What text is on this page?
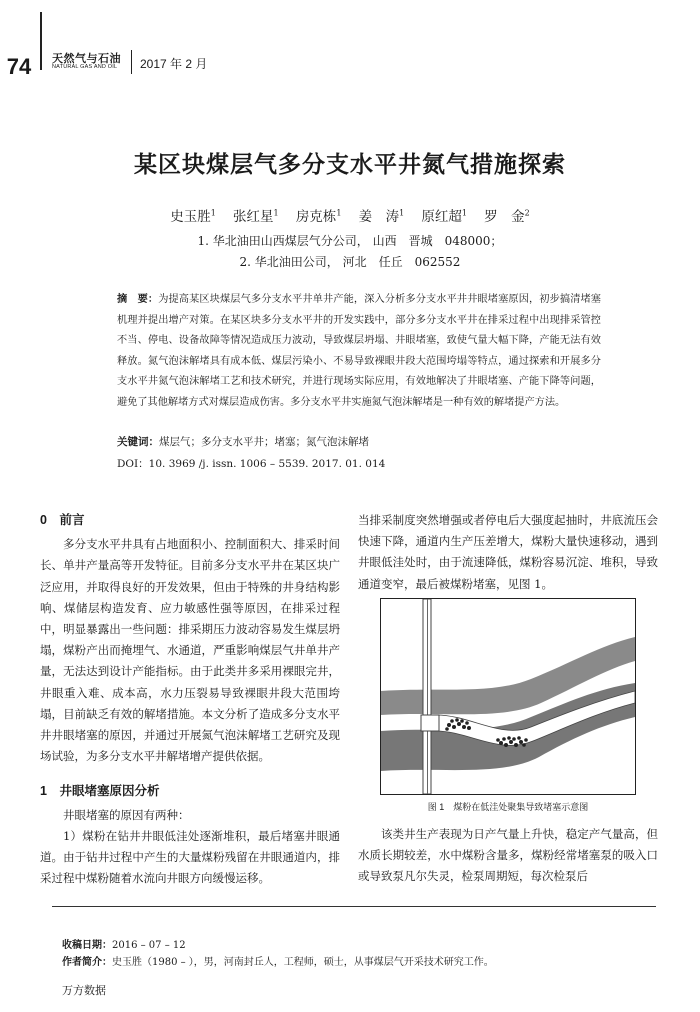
74	天然气与石油
NATURAL GAS AND OIL 2017 年 2 月
某区块煤层气多分支水平井氮气措施探索
史玉胜$^1$ 张红星$^1$ 房克栋$^1$ 姜　涛$^1$ 原红超$^1$ 罗　金$^2$
1. 华北油田山西煤层气分公司， 山西　晋城　048000；
2. 华北油田公司， 河北　任丘　062552
摘　要：为提高某区块煤层气多分支水平井单井产能，深入分析多分支水平井井眼堵塞原因，初步搞清堵塞机理并提出增产对策。在某区块多分支水平井的开发实践中，部分多分支水平井在排采过程中出现排采管控不当、停电、设备故障等情况造成压力波动，导致煤层坍塌、井眼堵塞，致使气量大幅下降，产能无法有效释放。氮气泡沫解堵具有成本低、煤层污染小、不易导致裸眼井段大范围垮塌等特点，通过探索和开展多分支水平井氮气泡沫解堵工艺和技术研究，并进行现场实际应用，有效地解决了井眼堵塞、产能下降等问题，避免了其他解堵方式对煤层造成伤害。多分支水平井实施氮气泡沫解堵是一种有效的解堵提产方法。
关键词：煤层气；多分支水平井；堵塞；氮气泡沫解堵
DOI：10. 3969 /j. issn. 1006 – 5539. 2017. 01. 014
0　前言

多分支水平井具有占地面积小、控制面积大、排采时间长、单井产量高等开发特征。目前多分支水平井在某区块广泛应用，并取得良好的开发效果，但由于特殊的井身结构影响、煤储层构造发育、应力敏感性强等原因，在排采过程中，明显暴露出一些问题：排采期压力波动容易发生煤层坍塌，煤粉产出而掩埋气、水通道，严重影响煤层气井单井产量，无法达到设计产能指标。由于此类井多采用裸眼完井，井眼重入难、成本高，水力压裂易导致裸眼井段大范围垮塌，目前缺乏有效的解堵措施。本文分析了造成多分支水平井井眼堵塞的原因，并通过开展氮气泡沫解堵工艺研究及现场试验，为多分支水平井解堵增产提供依据。

1　井眼堵塞原因分析

井眼堵塞的原因有两种：

1）煤粉在钻井井眼低洼处逐渐堆积，最后堵塞井眼通道。由于钻井过程中产生的大量煤粉残留在井眼通道内，排采过程中煤粉随着水流向井眼方向缓慢运移。

当排采制度突然增强或者停电后大强度起抽时，井底流压会快速下降，通道内生产压差增大，煤粉大量快速移动，遇到井眼低洼处时，由于流速降低，煤粉容易沉淀、堆积，导致通道变窄，最后被煤粉堵塞，见图 1。

图 1　煤粉在低洼处聚集导致堵塞示意图

该类井生产表现为日产气量上升快，稳定产气量高，但水质长期较差，水中煤粉含量多，煤粉经常堵塞泵的吸入口或导致泵凡尔失灵，检泵周期短，每次检泵后

收稿日期：2016 – 07 – 12
作者简介：史玉胜（1980 – ），男，河南封丘人，工程师，硕士，从事煤层气开采技术研究工作。
万方数据
